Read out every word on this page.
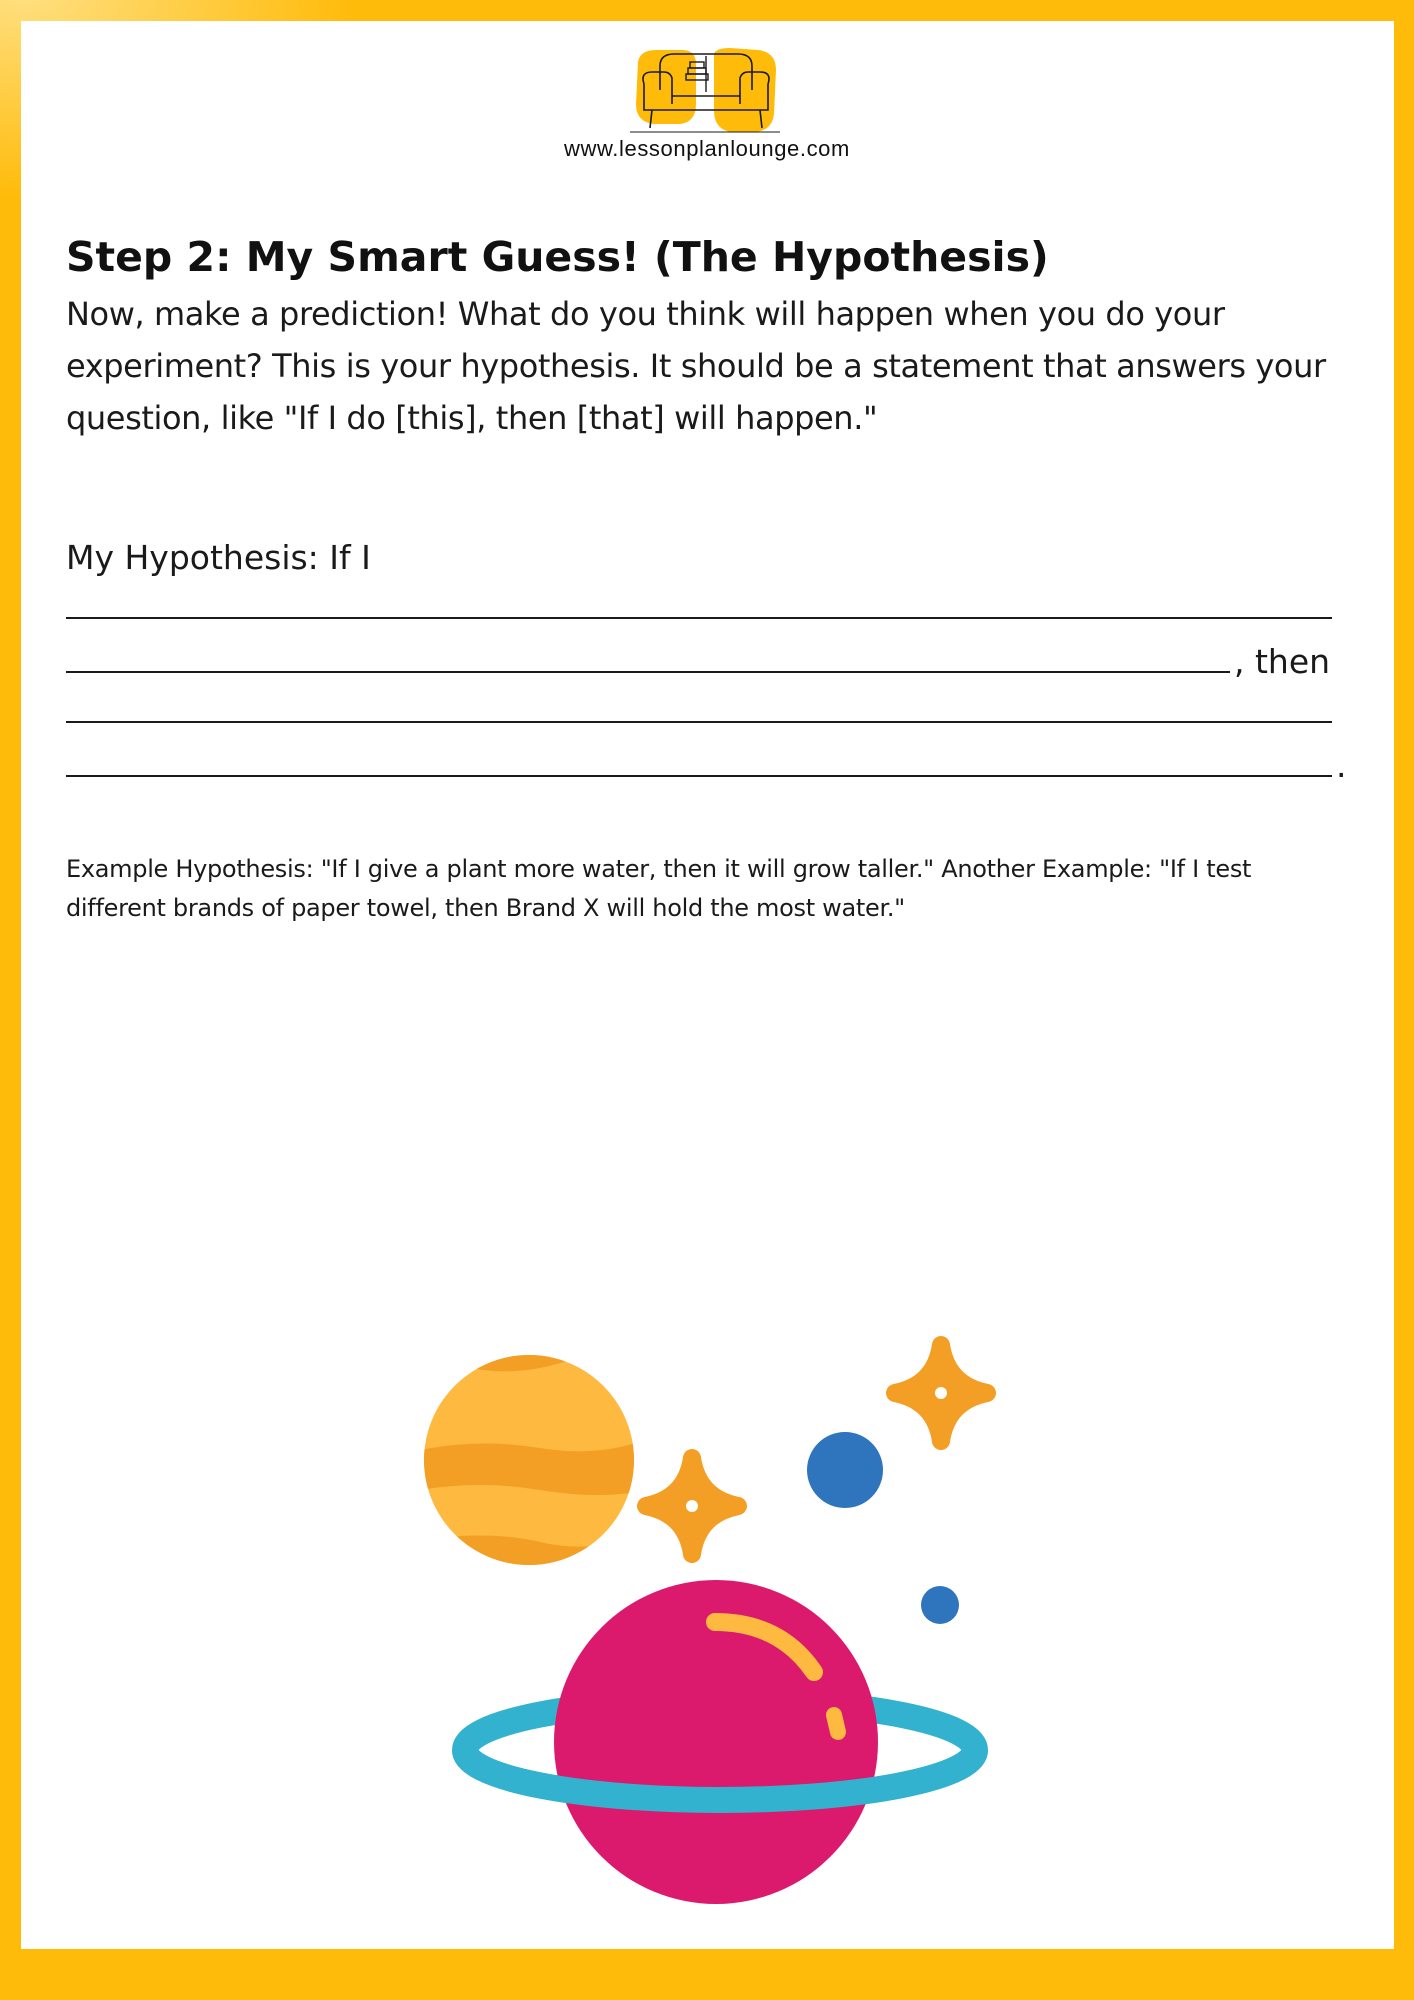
www.lessonplanlounge.com
Step 2: My Smart Guess! (The Hypothesis)

Now, make a prediction! What do you think will happen when you do your experiment? This is your hypothesis. It should be a statement that answers your question, like "If I do [this], then [that] will happen."

My Hypothesis: If I

, then
.

Example Hypothesis: "If I give a plant more water, then it will grow taller." Another Example: "If I test different brands of paper towel, then Brand X will hold the most water."
